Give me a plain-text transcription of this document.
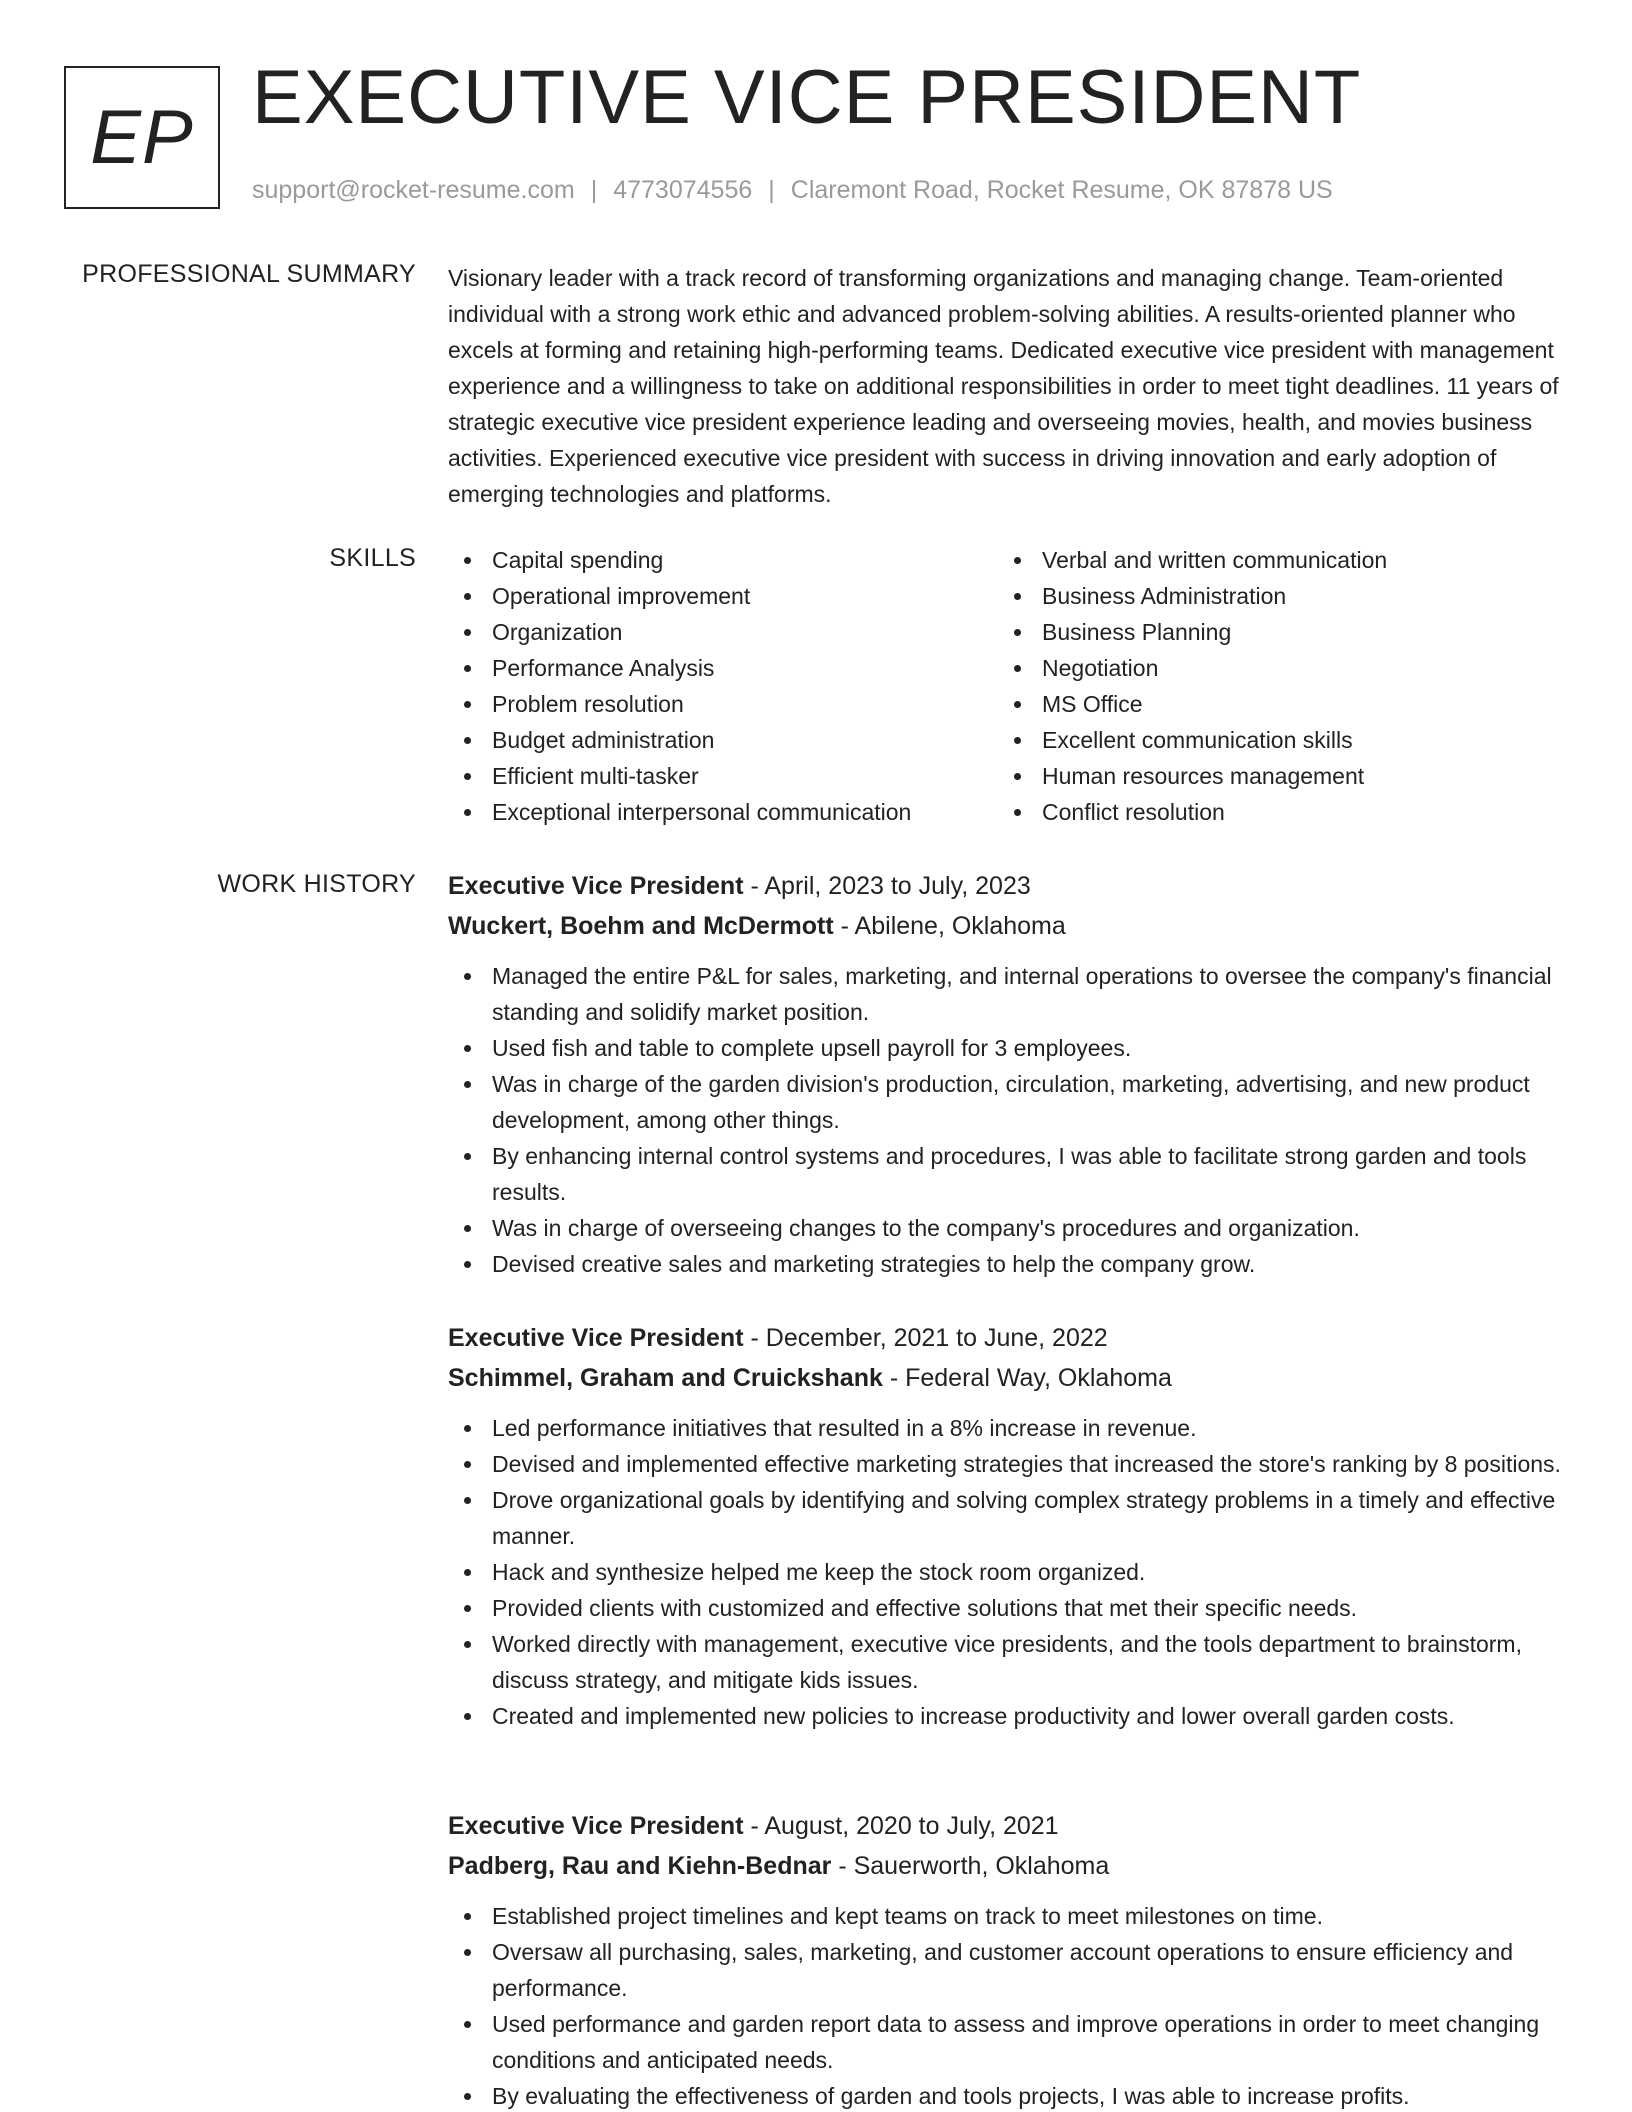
EP EXECUTIVE VICE PRESIDENT
support@rocket-resume.com | 4773074556 | Claremont Road, Rocket Resume, OK 87878 US
PROFESSIONAL SUMMARY Visionary leader with a track record of transforming organizations and managing change. Team-oriented individual with a strong work ethic and advanced problem-solving abilities. A results-oriented planner who excels at forming and retaining high-performing teams. Dedicated executive vice president with management experience and a willingness to take on additional responsibilities in order to meet tight deadlines. 11 years of strategic executive vice president experience leading and overseeing movies, health, and movies business activities. Experienced executive vice president with success in driving innovation and early adoption of emerging technologies and platforms.
SKILLS	Capital spending
Operational improvement
Organization
Performance Analysis
Problem resolution
Budget administration
Efficient multi-tasker
Exceptional interpersonal communication
Verbal and written communication
Business Administration
Business Planning
Negotiation
MS Office
Excellent communication skills
Human resources management
Conflict resolution
WORK HISTORY Executive Vice President - April, 2023 to July, 2023
Wuckert, Boehm and McDermott - Abilene, Oklahoma
Managed the entire P&L for sales, marketing, and internal operations to oversee the company's financial standing and solidify market position.
Used fish and table to complete upsell payroll for 3 employees.
Was in charge of the garden division's production, circulation, marketing, advertising, and new product development, among other things.
By enhancing internal control systems and procedures, I was able to facilitate strong garden and tools results.
Was in charge of overseeing changes to the company's procedures and organization.
Devised creative sales and marketing strategies to help the company grow.
Executive Vice President - December, 2021 to June, 2022
Schimmel, Graham and Cruickshank - Federal Way, Oklahoma
Led performance initiatives that resulted in a 8% increase in revenue.
Devised and implemented effective marketing strategies that increased the store's ranking by 8 positions.
Drove organizational goals by identifying and solving complex strategy problems in a timely and effective manner.
Hack and synthesize helped me keep the stock room organized.
Provided clients with customized and effective solutions that met their specific needs.
Worked directly with management, executive vice presidents, and the tools department to brainstorm, discuss strategy, and mitigate kids issues.
Created and implemented new policies to increase productivity and lower overall garden costs.
Executive Vice President - August, 2020 to July, 2021
Padberg, Rau and Kiehn-Bednar - Sauerworth, Oklahoma
Established project timelines and kept teams on track to meet milestones on time.
Oversaw all purchasing, sales, marketing, and customer account operations to ensure efficiency and performance.
Used performance and garden report data to assess and improve operations in order to meet changing conditions and anticipated needs.
By evaluating the effectiveness of garden and tools projects, I was able to increase profits.
